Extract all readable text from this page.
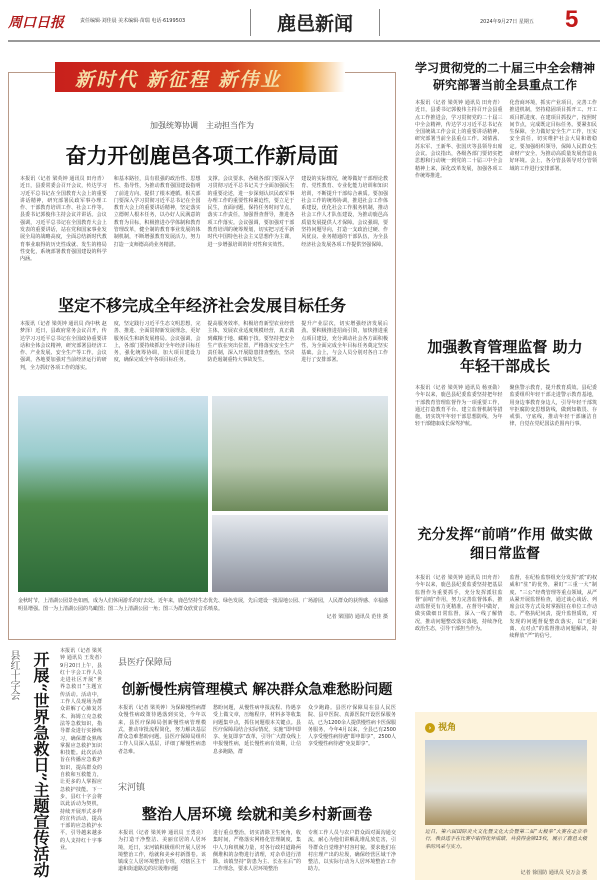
周口日报	责任编辑·刘佳晨 美术编辑·苗瑞 电话·6199503	鹿邑新闻	2024年9月27日 星期五 5
新时代 新征程 新伟业
加强统筹协调　主动担当作为
奋力开创鹿邑各项工作新局面
本报讯（记者 梁英钟 通讯员 田舟青）近日，县委常委会召开会议，传达学习习近平总书记在全国教育大会上的重要讲话精神，研究部署民政军事办理工作、干部教育培训工作、社会工作等。县委书记郭俊伟主持会议并讲话。会议强调，习近平总书记在全国教育大会上发表的重要讲话，站在党和国家事业发展全局的战略高度，全面总结新时代教育事业取得的历史性成就、发生的格局性变化，系统部署教育强国建设的科学内涵。
和基本路径，具有很强的政治性、思想性、指导性，为推动教育强国建设指明了前进方向、提供了根本遵循。相关部门要深入学习贯彻习近平总书记在全国教育大会上的重要讲话精神，坚定落实立德树人根本任务，以办好人民满意的教育为目标，积极推进办学体制和教育管理改革，健全制的教育事业发展的体制机制，不断增强教育发展活力，努力打造一支师德高尚业务精湛。
支撑。会议要求，各级各部门要深入学习贯彻习近平总书记关于全面加强民生的重要论述，进一步深刻认识民政军事办理工作的重要性和紧迫性，要立足于民生，直面问题，保持任务时间节点，落实工作责任，加强督查督导，推进各项工作落实。会议强调，要加强对干部教育培训的统筹规划，切实把习近平新时代中国特色社会主义思想作为主课，进一步增强培训的针对性和实效性。
建设的实际情况，统筹做好干部理论教育、党性教育、专业化能力培训和知识培训，不断提升干部综合素质。要加强社会工作的统筹协调，推进社会工作体系建设，优化社会工作服务机制，推动社会工作人才队伍建设，为推动鹿邑高质量发展提供人才保障。会议强调，要坚持问题导向，打造一支政治过硬、作风优良、业务精通的干部队伍，为全县经济社会发展各项工作提供坚强保障。
坚定不移完成全年经济社会发展目标任务
本报讯（记者 梁英钟 通讯员 尚中秋 赵梦泽）近日，县政府常务会议召开，传达学习习近平总书记在全国政协重要讲话和全体会议精神，研究部署县经济工作、产业发展、安全生产等工作。会议强调，各地要加强对当前经济运行的研判，全力抓好各项工作的落实。
度，坚定践行习近平生态文明思想，完善、推进、全面贯彻新发展理念，更好服务民生和新发展格局。会议强调，会上，各部门要持续抓好全年经济目标任务，强化统筹协调，加大项目建设力度，确保完成全年各项目标任务。
提高服务效率，积极培育新型农业经营主体，发展农业适度规模经营，真正做到藏粮于地、藏粮于技。要坚持把安全生产放在突出位置，严格落实安全生产责任制，深入开展隐患排查整治，坚决防范遏制重特大事故发生。
提升产业层次，切实增强经济发展后劲。要积极推进招商引资，加快推进重点项目建设，充分调动社会各方面积极性，为全面完成全年目标任务奠定坚实基础。会上，与会人员分别对各自工作进行了安排部署。
金秋时节，上清湖公园景色如画，成为人们休闲游乐的好去处。近年来，鹿邑坚持生态优先、绿色发展，先后建设一批湿地公园、广场游园，人民群众的获得感、幸福感明显增强。图一为上清湖公园的鸟瞰图；图二为上清湖公园一角；图三为群众欣赏音乐喷泉。
记者 梁国防 通讯员 范佳 摄
学习贯彻党的二十届三中全会精神 研究部署当前全县重点工作
本报讯（记者 梁英钟 通讯员 田舟青）近日，县委书记郭俊伟主持召开会县重点工作推进会，学习贯彻党的二十届三中全会精神，传达学习习近平总书记在全国统战工作会议上的重要讲话精神，研究部署当前全县重点工作。刘倩茜、苏东军、王新华、张国庆等县领导出席会议。会议指出，各级各部门要切实把思想和行动统一到党的二十届三中全会精神上来，深化改革发展，加强各项工作统筹推进。
化营商环境，抓实产业项目，完善工作推进机制，坚持稳固项目抓开工、开工项目抓进度、在建项目抓投产，按照时间节点，完成既定目标任务。要紧扣民生保障，全力做好安全生产工作，压实安全责任，切实维护社会大局和谐稳定。要加强组织领导，保障人民群众生命财产安全，为推动高质量发展营造良好环境。会上，各分管县领导对分管领域的工作进行安排部署。
加强教育管理监督 助力年轻干部成长
本报讯（记者 梁英钟 通讯员 杨亚勋）今年以来，鹿邑县纪委监委坚持把年轻干部教育管理监督作为一项重要工作，通过打造教育平台、建立监督机制等措施，切实筑牢年轻干部思想防线，为年轻干部健康成长保驾护航。
聚焦警示教育，提升教育质效。县纪委监委组织年轻干部走进警示教育基地，用身边事教育身边人，引导年轻干部筑牢拒腐防变思想防线，做到知敬畏、存戒惧、守底线，推动年轻干部廉洁自律，自觉在党纪国法范围内行事。
充分发挥“前哨”作用 做实做细日常监督
本报讯（记者 梁英钟 通讯员 田舟青）今年以来，鹿邑县纪委监委坚持把基层监督作为重要抓手，充分发挥派驻监督“前哨”作用，努力完善监督体系，推动监督更有力更精准。在督导中做好，做实做细日常监督，深入一线了解情况，推动问题整改落实落地，持续净化政治生态，引导干部担当作为。
监督，在纪检监察组充分发挥“派”的权威和“驻”的优势，紧盯“三重一大”制度、“三公”经费管理等重点领域，从严从紧开展监督检查，通过谈心谈话、列席会议等方式及时掌握驻在单位工作动态。严格执纪问责，提升监督质效，对发现的问题督促整改落实，以“近距离、点对点”的监督推动问题解决，持续释放“严”的信号。
› 视角
近日，第六届国际炎火文化暨文化大会暨第二届“太极拳”大赛在北京举行，我县选手在比赛中取得优异成绩，共获得金牌13枚，展示了鹿邑太极拳的风采与实力。
记者 徐国防 通讯员 吴万会 摄
县红十字会 开展“世界急救日”主题宣传活动 本报讯（记者 梁英钟 通讯员 王发者）9月20日上午，县红十字会工作人员走进社区开展“世界急救日”主题宣传活动。活动中，工作人员现场为群众讲解了心肺复苏术、海姆立克急救法等急救知识，指导群众进行实操练习，确保群众熟练掌握应急救护知识和技能。此次活动旨在传播应急救护知识，提高群众的自救和互救能力，让更多的人掌握应急救护技能。下一步，县红十字会将以此活动为契机，持续开展形式多样的宣传活动，提高干部的应急救护水平，引导越来越多的人支持红十字事业。
县医疗保障局
创新慢性病管理模式 解决群众急难愁盼问题
本报讯（记者 梁英钟）为保障慢性病群众慢性病政策待遇落到实处，今年以来，县医疗保障局创新慢性病管理模式，推动审批流程简化，努力解决基层群众急难愁盼问题。县医疗保障局组织工作人员深入基层，详细了解慢性病患者急难。
愁盼问题，从慢性病申报流程、待遇享受上做文章，压缩程序，材料多等收集问题集中点，抓住问题根本关键点。县医疗保障局结合实际情况，实施“即申即享、免复即享”改革，引导广大群众线上申报慢性病，延长慢性病有效期，让信息多跑路，群
众少跑路。县医疗保障局在县人民医院、县中医院、真源医院开设医保服务站，已为1200余人提供慢性病卡医保服务服务，今年4月以来，全县已有2500人享受慢性病待遇“即申即享”，2500人享受慢性病待遇“免复即享”。
宋河镇
整治人居环境 绘就和美乡村新画卷
本报讯（记者 梁英钟 通讯员 王勇亮）为打造干净整洁、美丽宜居的人居环境，近日，宋河镇积极组织开展人居环境整治工作，绘就和美乡村新图卷。该镇成立人居环境整治专班，对辖区主干道和街道路边的垃圾堆问题
进行重点整治，切实清除卫生死角，收集时间，严格落实网格化管理制度，集中人力和机械力量，对各行政村道路两侧堆积的杂物进行清理，对杂草进行清除。该镇坚持“防患为主、长在在后”的工作理念，要求人居环境整治
专班工作人员与农户群众面对面沟通交流，耐心为他们讲解乱堆乱放危害，引导群众自觉维护村容村貌。要求他们在村庄理产出的垃圾，确保经营区域干净整洁，以实际行动为人居环境整治工作助力。
